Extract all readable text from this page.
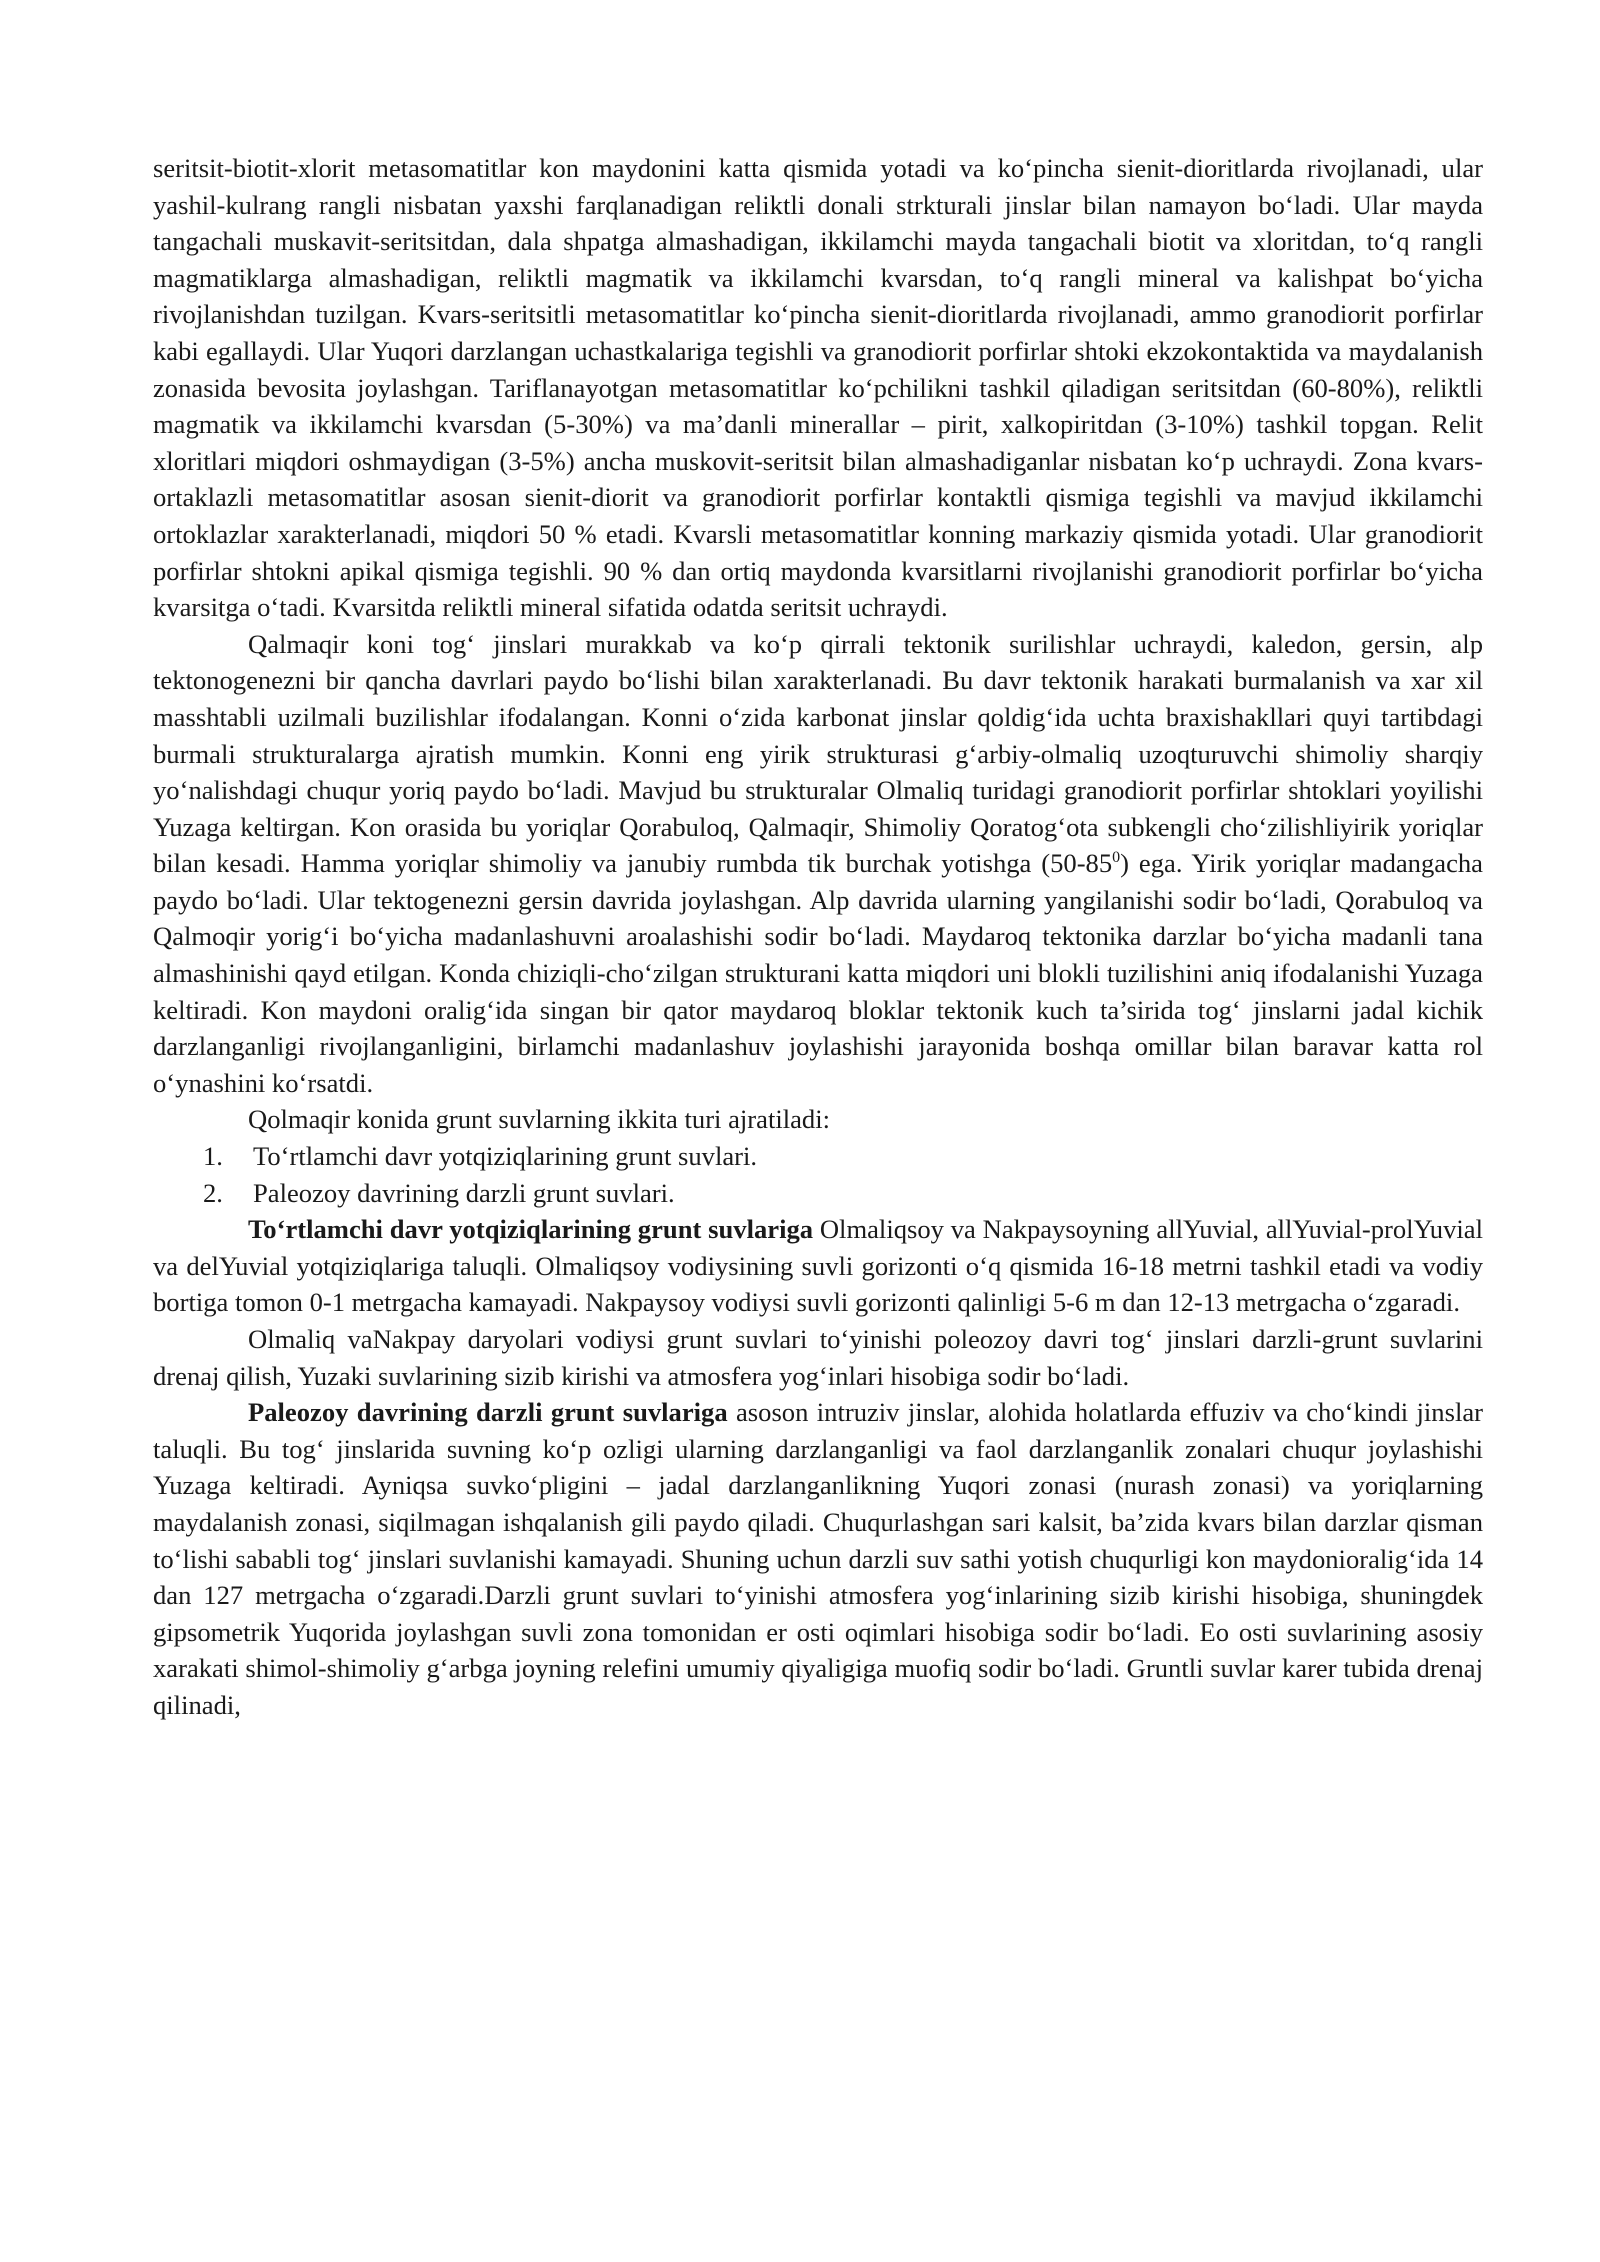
seritsit-biotit-xlorit metasomatitlar kon maydonini katta qismida yotadi va koʻpincha sienit-dioritlarda rivojlanadi, ular yashil-kulrang rangli nisbatan yaxshi farqlanadigan reliktli donali strkturali jinslar bilan namayon boʻladi. Ular mayda tangachali muskavit-seritsitdan, dala shpatga almashadigan, ikkilamchi mayda tangachali biotit va xloritdan, toʻq rangli magmatiklarga almashadigan, reliktli magmatik va ikkilamchi kvarsdan, toʻq rangli mineral va kalishpat boʻyicha rivojlanishdan tuzilgan. Kvars-seritsitli metasomatitlar koʻpincha sienit-dioritlarda rivojlanadi, ammo granodiorit porfirlar kabi egallaydi. Ular Yuqori darzlangan uchastkalariga tegishli va granodiorit porfirlar shtoki ekzokontaktida va maydalanish zonasida bevosita joylashgan. Tariflanayotgan metasomatitlar koʻpchilikni tashkil qiladigan seritsitdan (60-80%), reliktli magmatik va ikkilamchi kvarsdan (5-30%) va ma’danli minerallar – pirit, xalkopiritdan (3-10%) tashkil topgan. Relit xloritlari miqdori oshmaydigan (3-5%) ancha muskovit-seritsit bilan almashadiganlar nisbatan koʻp uchraydi. Zona kvars-ortaklazli metasomatitlar asosan sienit-diorit va granodiorit porfirlar kontaktli qismiga tegishli va mavjud ikkilamchi ortoklazlar xarakterlanadi, miqdori 50 % etadi. Kvarsli metasomatitlar konning markaziy qismida yotadi. Ular granodiorit porfirlar shtokni apikal qismiga tegishli. 90 % dan ortiq maydonda kvarsitlarni rivojlanishi granodiorit porfirlar boʻyicha kvarsitga oʻtadi. Kvarsitda reliktli mineral sifatida odatda seritsit uchraydi.

Qalmaqir koni togʻ jinslari murakkab va koʻp qirrali tektonik surilishlar uchraydi, kaledon, gersin, alp tektonogenezni bir qancha davrlari paydo boʻlishi bilan xarakterlanadi. Bu davr tektonik harakati burmalanish va xar xil masshtabli uzilmali buzilishlar ifodalangan. Konni oʻzida karbonat jinslar qoldigʻida uchta braxishakllari quyi tartibdagi burmali strukturalarga ajratish mumkin. Konni eng yirik strukturasi gʻarbiy-olmaliq uzoqturuvchi shimoliy sharqiy yoʻnalishdagi chuqur yoriq paydo boʻladi. Mavjud bu strukturalar Olmaliq turidagi granodiorit porfirlar shtoklari yoyilishi Yuzaga keltirgan. Kon orasida bu yoriqlar Qorabuloq, Qalmaqir, Shimoliy Qoratogʻota subkengli choʻzilishliyirik yoriqlar bilan kesadi. Hamma yoriqlar shimoliy va janubiy rumbda tik burchak yotishga $(50-85^0)$ ega. Yirik yoriqlar madangacha paydo boʻladi. Ular tektogenezni gersin davrida joylashgan. Alp davrida ularning yangilanishi sodir boʻladi, Qorabuloq va Qalmoqir yorigʻi boʻyicha madanlashuvni aroalashishi sodir boʻladi. Maydaroq tektonika darzlar boʻyicha madanli tana almashinishi qayd etilgan. Konda chiziqli-choʻzilgan strukturani katta miqdori uni blokli tuzilishini aniq ifodalanishi Yuzaga keltiradi. Kon maydoni oraligʻida singan bir qator maydaroq bloklar tektonik kuch ta’sirida togʻ jinslarni jadal kichik darzlanganligi rivojlanganligini, birlamchi madanlashuv joylashishi jarayonida boshqa omillar bilan baravar katta rol oʻynashini koʻrsatdi.

Qolmaqir konida grunt suvlarning ikkita turi ajratiladi:

1. Toʻrtlamchi davr yotqiziqlarining grunt suvlari.
2. Paleozoy davrining darzli grunt suvlari.

Toʻrtlamchi davr yotqiziqlarining grunt suvlariga Olmaliqsoy va Nakpaysoyning allYuvial, allYuvial-prolYuvial va delYuvial yotqiziqlariga taluqli. Olmaliqsoy vodiysining suvli gorizonti oʻq qismida 16-18 metrni tashkil etadi va vodiy bortiga tomon 0-1 metrgacha kamayadi. Nakpaysoy vodiysi suvli gorizonti qalinligi 5-6 m dan 12-13 metrgacha oʻzgaradi.

Olmaliq vaNakpay daryolari vodiysi grunt suvlari toʻyinishi poleozoy davri togʻ jinslari darzli-grunt suvlarini drenaj qilish, Yuzaki suvlarining sizib kirishi va atmosfera yogʻinlari hisobiga sodir boʻladi.

Paleozoy davrining darzli grunt suvlariga asoson intruziv jinslar, alohida holatlarda effuziv va choʻkindi jinslar taluqli. Bu togʻ jinslarida suvning koʻp ozligi ularning darzlanganligi va faol darzlanganlik zonalari chuqur joylashishi Yuzaga keltiradi. Ayniqsa suvkoʻpligini – jadal darzlanganlikning Yuqori zonasi (nurash zonasi) va yoriqlarning maydalanish zonasi, siqilmagan ishqalanish gili paydo qiladi. Chuqurlashgan sari kalsit, ba’zida kvars bilan darzlar qisman toʻlishi sababli togʻ jinslari suvlanishi kamayadi. Shuning uchun darzli suv sathi yotish chuqurligi kon maydonioraligʻida 14 dan 127 metrgacha oʻzgaradi.Darzli grunt suvlari toʻyinishi atmosfera yogʻinlarining sizib kirishi hisobiga, shuningdek gipsometrik Yuqorida joylashgan suvli zona tomonidan er osti oqimlari hisobiga sodir boʻladi. Eo osti suvlarining asosiy xarakati shimol-shimoliy gʻarbga joyning relefini umumiy qiyaligiga muofiq sodir boʻladi. Gruntli suvlar karer tubida drenaj qilinadi,
